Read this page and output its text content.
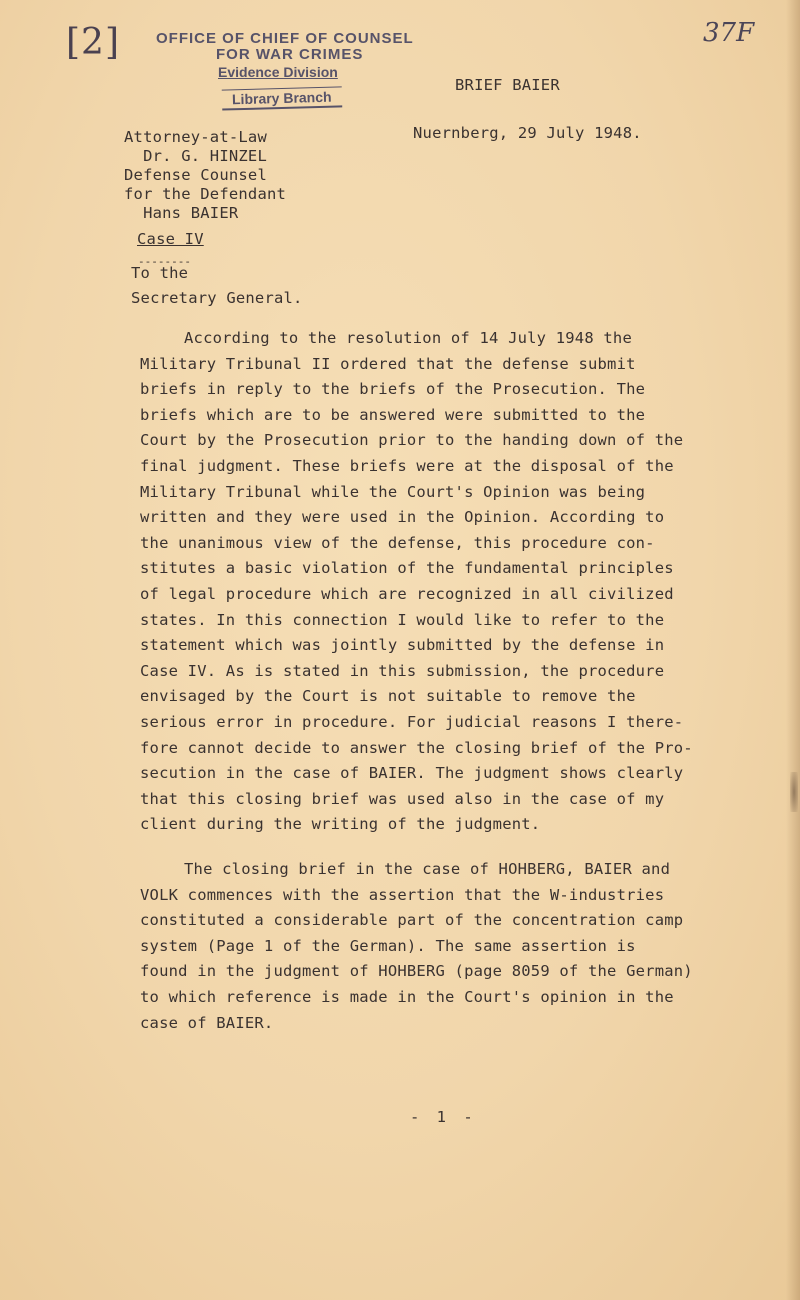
[2]	37F
OFFICE OF CHIEF OF COUNSEL
FOR WAR CRIMES
Evidence Division
Library Branch
BRIEF BAIER
Nuernberg, 29 July 1948.
Attorney-at-Law
Dr. G. HINZEL
Defense Counsel
for the Defendant
Hans BAIER
Case IV
--------
To the
Secretary General.
According to the resolution of 14 July 1948 the
Military Tribunal II ordered that the defense submit
briefs in reply to the briefs of the Prosecution. The
briefs which are to be answered were submitted to the
Court by the Prosecution prior to the handing down of the
final judgment. These briefs were at the disposal of the
Military Tribunal while the Court's Opinion was being
written and they were used in the Opinion. According to
the unanimous view of the defense, this procedure con-
stitutes a basic violation of the fundamental principles
of legal procedure which are recognized in all civilized
states. In this connection I would like to refer to the
statement which was jointly submitted by the defense in
Case IV. As is stated in this submission, the procedure
envisaged by the Court is not suitable to remove the
serious error in procedure. For judicial reasons I there-
fore cannot decide to answer the closing brief of the Pro-
secution in the case of BAIER. The judgment shows clearly
that this closing brief was used also in the case of my
client during the writing of the judgment.
The closing brief in the case of HOHBERG, BAIER and
VOLK commences with the assertion that the W-industries
constituted a considerable part of the concentration camp
system (Page 1 of the German). The same assertion is
found in the judgment of HOHBERG (page 8059 of the German)
to which reference is made in the Court's opinion in the
case of BAIER.
- 1 -
